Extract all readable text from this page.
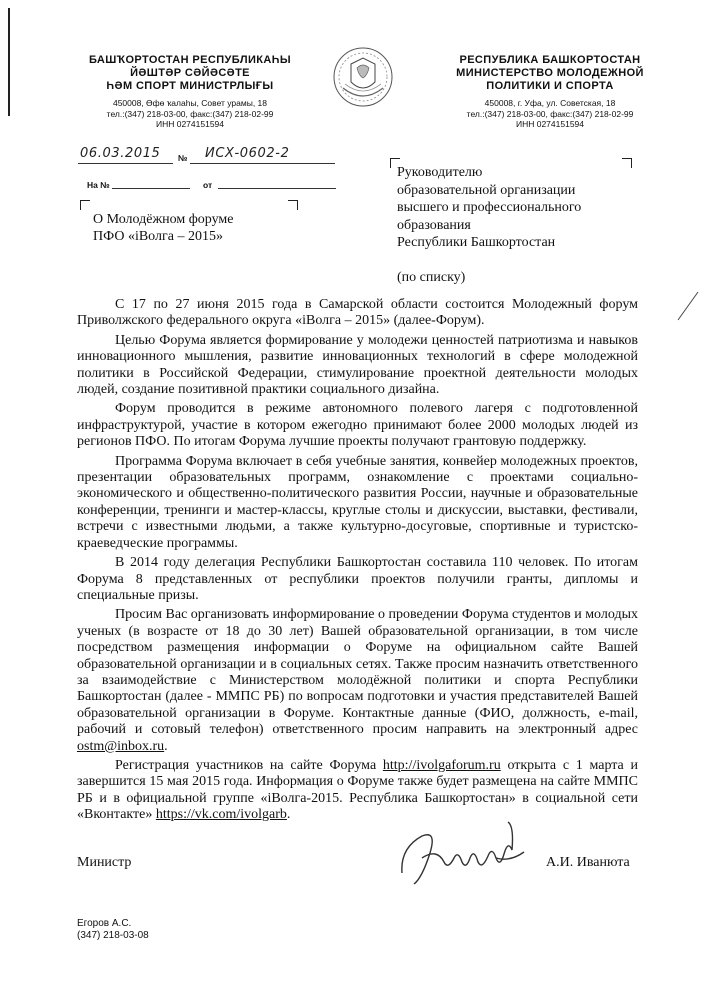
БАШҠОРТОСТАН РЕСПУБЛИКАҺЫ
ЙӘШТӘР СӘЙӘСӘТЕ
ҺӘМ СПОРТ МИНИСТРЛЫҒЫ
450008, Өфө ҡалаһы, Совет урамы, 18
тел.:(347) 218-03-00, факс:(347) 218-02-99
ИНН 0274151594
РЕСПУБЛИКА БАШКОРТОСТАН
МИНИСТЕРСТВО МОЛОДЕЖНОЙ
ПОЛИТИКИ И СПОРТА
450008, г. Уфа, ул. Советская, 18
тел.:(347) 218-03-00, факс:(347) 218-02-99
ИНН 0274151594
06.03.2015 № ИСХ-0602-2
На №	от
О Молодёжном форуме
ПФО «iВолга – 2015»
Руководителю
образовательной организации
высшего и профессионального
образования
Республики Башкортостан
(по списку)

С 17 по 27 июня 2015 года в Самарской области состоится Молодежный форум Приволжского федерального округа «iВолга – 2015» (далее-Форум).

Целью Форума является формирование у молодежи ценностей патриотизма и навыков инновационного мышления, развитие инновационных технологий в сфере молодежной политики в Российской Федерации, стимулирование проектной деятельности молодых людей, создание позитивной практики социального дизайна.

Форум проводится в режиме автономного полевого лагеря с подготовленной инфраструктурой, участие в котором ежегодно принимают более 2000 молодых людей из регионов ПФО. По итогам Форума лучшие проекты получают грантовую поддержку.

Программа Форума включает в себя учебные занятия, конвейер молодежных проектов, презентации образовательных программ, ознакомление с проектами социально-экономического и общественно-политического развития России, научные и образовательные конференции, тренинги и мастер-классы, круглые столы и дискуссии, выставки, фестивали, встречи с известными людьми, а также культурно-досуговые, спортивные и туристско-краеведческие программы.

В 2014 году делегация Республики Башкортостан составила 110 человек. По итогам Форума 8 представленных от республики проектов получили гранты, дипломы и специальные призы.

Просим Вас организовать информирование о проведении Форума студентов и молодых ученых (в возрасте от 18 до 30 лет) Вашей образовательной организации, в том числе посредством размещения информации о Форуме на официальном сайте Вашей образовательной организации и в социальных сетях. Также просим назначить ответственного за взаимодействие с Министерством молодёжной политики и спорта Республики Башкортостан (далее - ММПС РБ) по вопросам подготовки и участия представителей Вашей образовательной организации в Форуме. Контактные данные (ФИО, должность, e-mail, рабочий и сотовый телефон) ответственного просим направить на электронный адрес ostm@inbox.ru.

Регистрация участников на сайте Форума http://ivolgaforum.ru открыта с 1 марта и завершится 15 мая 2015 года. Информация о Форуме также будет размещена на сайте ММПС РБ и в официальной группе «iВолга-2015. Республика Башкортостан» в социальной сети «Вконтакте» https://vk.com/ivolgarb.

Министр	А.И. Иванюта
Егоров А.С.
(347) 218-03-08
